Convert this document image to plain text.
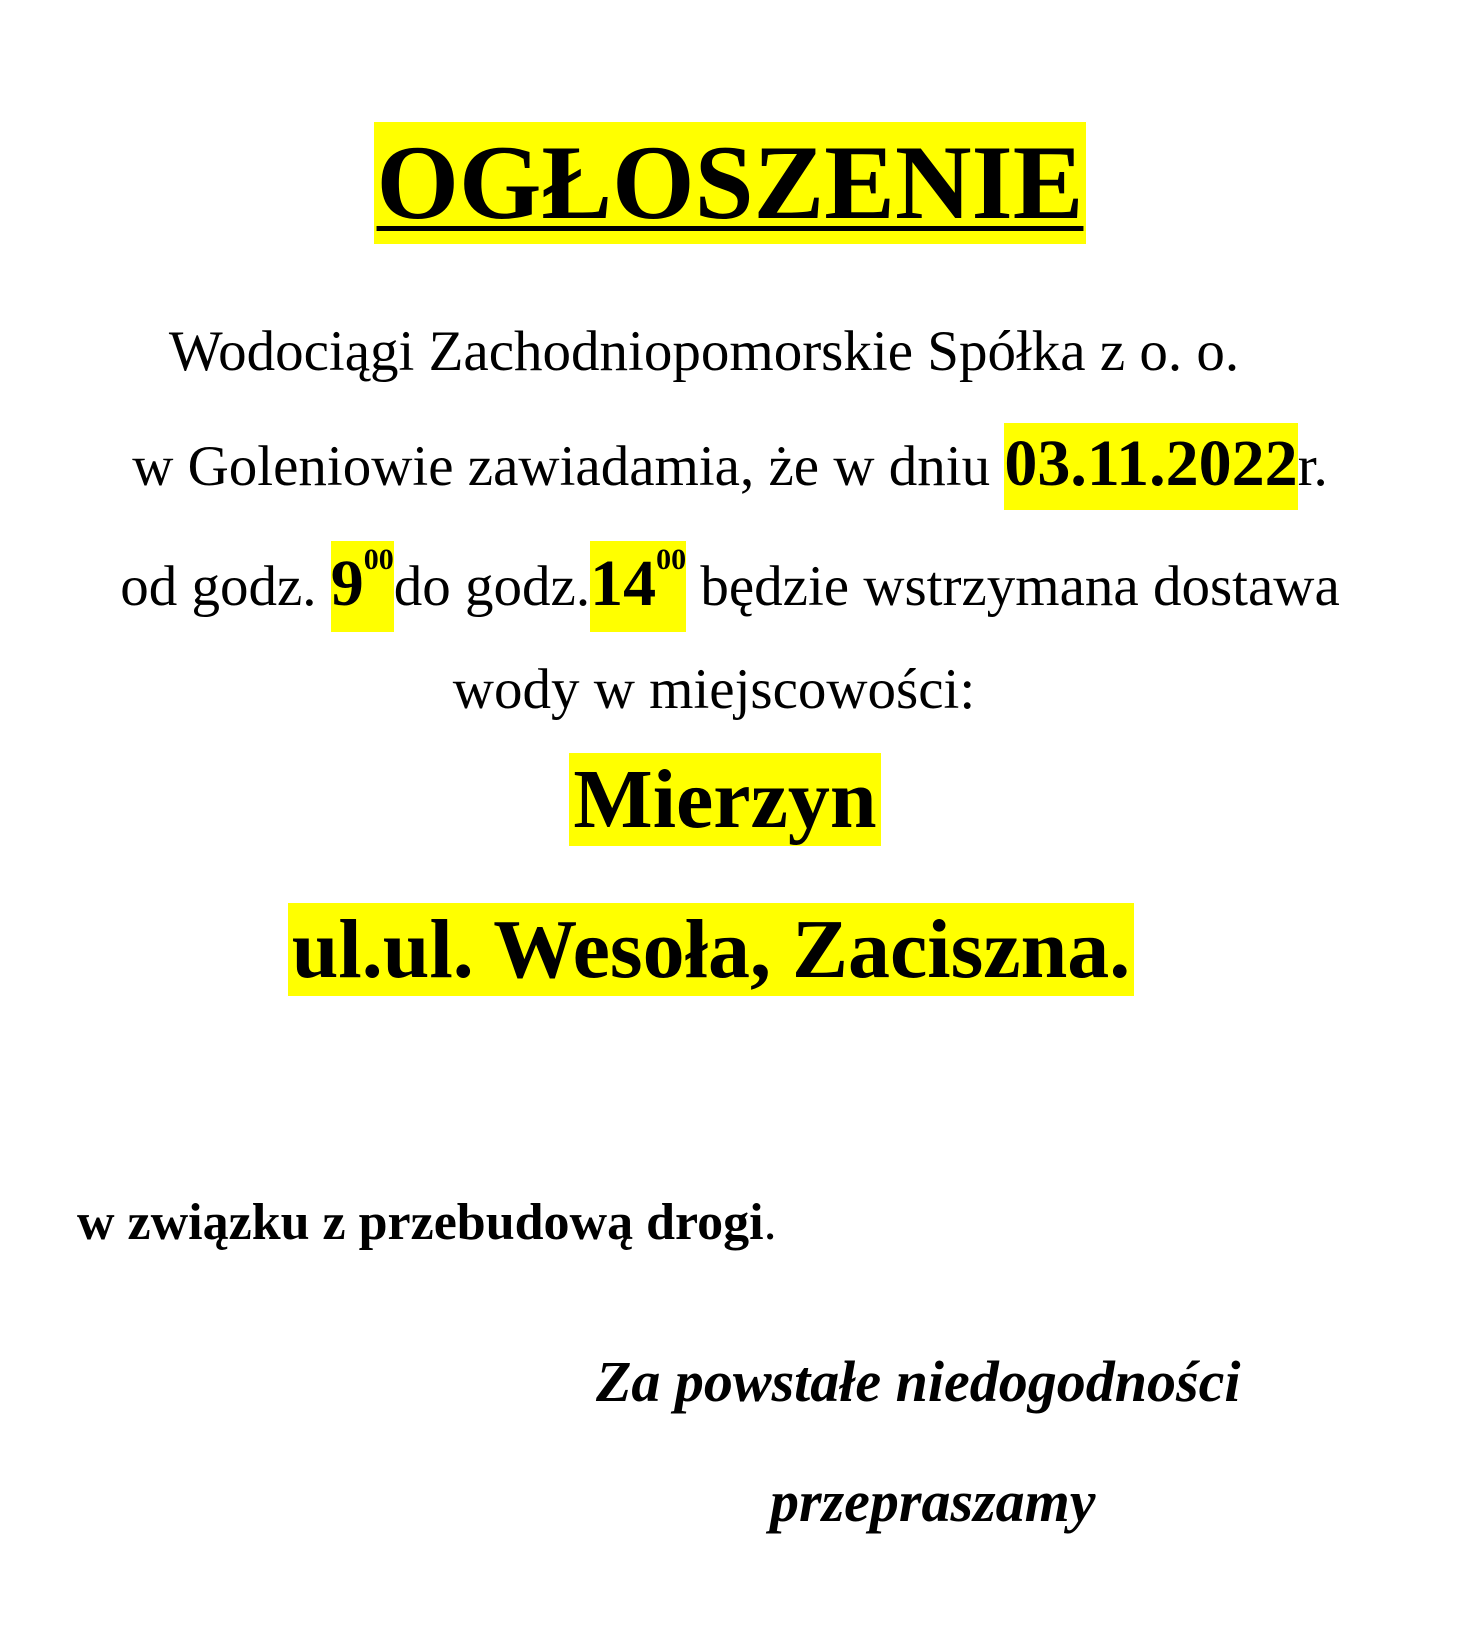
OGŁOSZENIE
Wodociągi Zachodniopomorskie Spółka z o. o.
w Goleniowie zawiadamia, że w dniu 03.11.2022r.
od godz. $9^{00}do$ $godz.14^{00}$ będzie wstrzymana dostawa
wody w miejscowości:
Mierzyn
ul.ul. Wesoła, Zaciszna.
w związku z przebudową drogi.
Za powstałe niedogodności
przepraszamy
